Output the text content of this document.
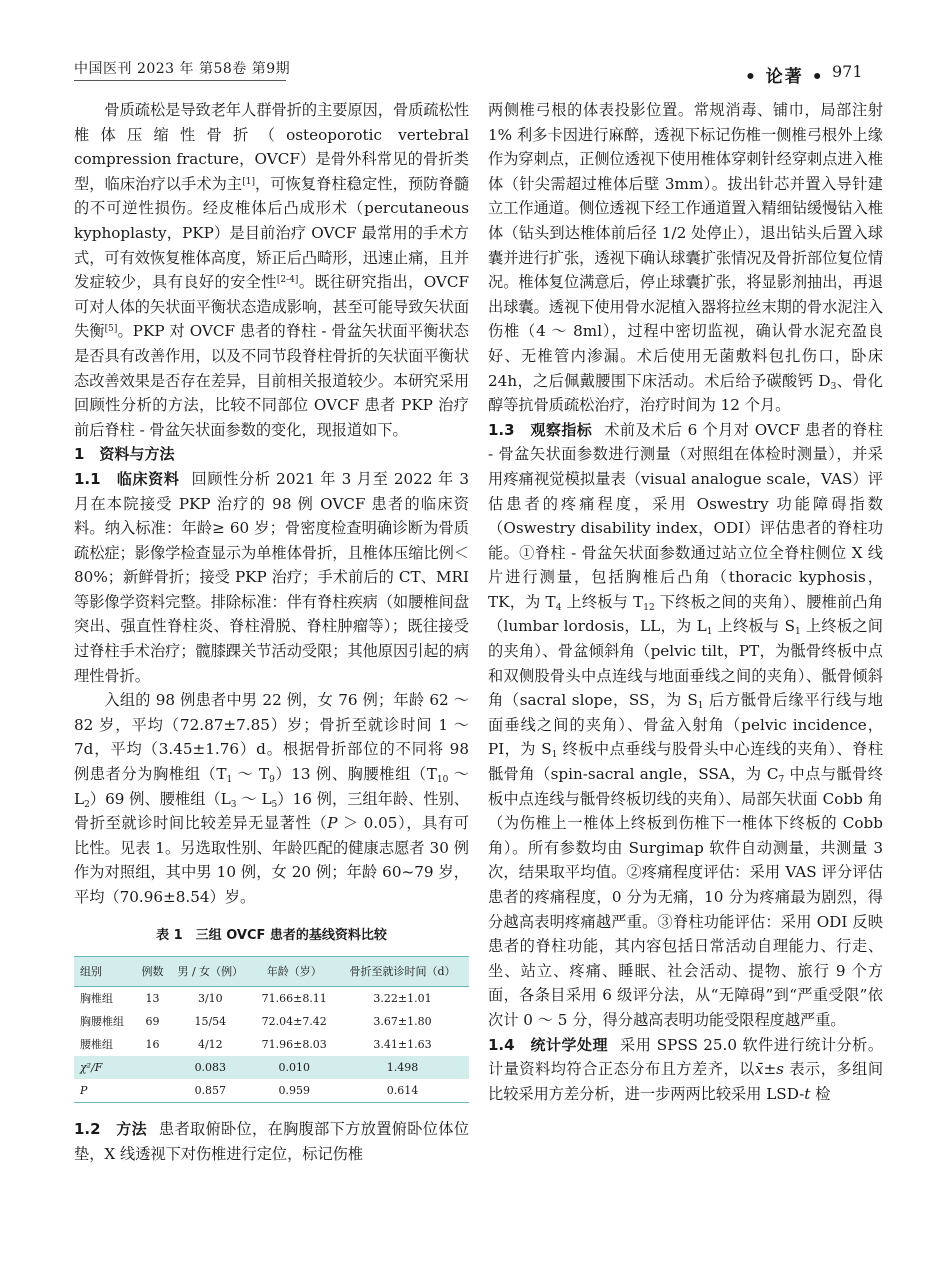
中国医刊 2023 年 第58卷 第9期	• 论著 • 971

骨质疏松是导致老年人群骨折的主要原因，骨质疏松性椎体压缩性骨折（osteoporotic vertebral compression fracture，OVCF）是骨外科常见的骨折类型，临床治疗以手术为主[1]，可恢复脊柱稳定性，预防脊髓的不可逆性损伤。经皮椎体后凸成形术（percutaneous kyphoplasty，PKP）是目前治疗 OVCF 最常用的手术方式，可有效恢复椎体高度，矫正后凸畸形，迅速止痛，且并发症较少，具有良好的安全性[2-4]。既往研究指出，OVCF 可对人体的矢状面平衡状态造成影响，甚至可能导致矢状面失衡[5]。PKP 对 OVCF 患者的脊柱 - 骨盆矢状面平衡状态是否具有改善作用，以及不同节段脊柱骨折的矢状面平衡状态改善效果是否存在差异，目前相关报道较少。本研究采用回顾性分析的方法，比较不同部位 OVCF 患者 PKP 治疗前后脊柱 - 骨盆矢状面参数的变化，现报道如下。

1　资料与方法

1.1　临床资料 回顾性分析 2021 年 3 月至 2022 年 3 月在本院接受 PKP 治疗的 98 例 OVCF 患者的临床资料。纳入标准：年龄≥ 60 岁；骨密度检查明确诊断为骨质疏松症；影像学检查显示为单椎体骨折，且椎体压缩比例＜ 80%；新鲜骨折；接受 PKP 治疗；手术前后的 CT、MRI 等影像学资料完整。排除标准：伴有脊柱疾病（如腰椎间盘突出、强直性脊柱炎、脊柱滑脱、脊柱肿瘤等）；既往接受过脊柱手术治疗；髋膝踝关节活动受限；其他原因引起的病理性骨折。

入组的 98 例患者中男 22 例，女 76 例；年龄 62 ～ 82 岁，平均（72.87±7.85）岁；骨折至就诊时间 1 ～ 7d，平均（3.45±1.76）d。根据骨折部位的不同将 98 例患者分为胸椎组（$T_1$ ～ $T_9)13$ 例、胸腰椎组（$T_{10}$ ～ $L_2)69$ 例、腰椎组（$L_3$ ～ $L_5)16$ 例，三组年龄、性别、骨折至就诊时间比较差异无显著性（P ＞ 0.05），具有可比性。见表 1。另选取性别、年龄匹配的健康志愿者 30 例作为对照组，其中男 10 例，女 20 例；年龄 60~79 岁，平均（70.96±8.54）岁。

表 1　三组 OVCF 患者的基线资料比较
组别	例数	男 / 女（例）	年龄（岁）	骨折至就诊时间（d）
胸椎组	13	3/10	71.66±8.11	3.22±1.01
胸腰椎组	69	15/54	72.04±7.42	3.67±1.80
腰椎组	16	4/12	71.96±8.03	3.41±1.63
χ²/F		0.083	0.010	1.498
P		0.857	0.959	0.614

1.2　方法 患者取俯卧位，在胸腹部下方放置俯卧位体位垫，X 线透视下对伤椎进行定位，标记伤椎

两侧椎弓根的体表投影位置。常规消毒、铺巾，局部注射 1% 利多卡因进行麻醉，透视下标记伤椎一侧椎弓根外上缘作为穿刺点，正侧位透视下使用椎体穿刺针经穿刺点进入椎体（针尖需超过椎体后壁 3mm）。拔出针芯并置入导针建立工作通道。侧位透视下经工作通道置入精细钻缓慢钻入椎体（钻头到达椎体前后径 1/2 处停止），退出钻头后置入球囊并进行扩张，透视下确认球囊扩张情况及骨折部位复位情况。椎体复位满意后，停止球囊扩张，将显影剂抽出，再退出球囊。透视下使用骨水泥植入器将拉丝末期的骨水泥注入伤椎（4 ～ 8ml），过程中密切监视，确认骨水泥充盈良好、无椎管内渗漏。术后使用无菌敷料包扎伤口，卧床 24h，之后佩戴腰围下床活动。术后给予碳酸钙 $D_3$、骨化醇等抗骨质疏松治疗，治疗时间为 12 个月。

1.3　观察指标 术前及术后 6 个月对 OVCF 患者的脊柱 - 骨盆矢状面参数进行测量（对照组在体检时测量），并采用疼痛视觉模拟量表（visual analogue scale，VAS）评估患者的疼痛程度，采用 Oswestry 功能障碍指数（Oswestry disability index，ODI）评估患者的脊柱功能。①脊柱 - 骨盆矢状面参数通过站立位全脊柱侧位 X 线片进行测量，包括胸椎后凸角（thoracic kyphosis，TK，为 $T_4$ 上终板与 $T_{12}$ 下终板之间的夹角）、腰椎前凸角（lumbar lordosis，LL，为 $L_1$ 上终板与 $S_1$ 上终板之间的夹角）、骨盆倾斜角（pelvic tilt，PT，为骶骨终板中点和双侧股骨头中点连线与地面垂线之间的夹角）、骶骨倾斜角（sacral slope，SS，为 $S_1$ 后方骶骨后缘平行线与地面垂线之间的夹角）、骨盆入射角（pelvic incidence，PI，为 $S_1$ 终板中点垂线与股骨头中心连线的夹角）、脊柱骶骨角（spin-sacral angle，SSA，为 $C_7$ 中点与骶骨终板中点连线与骶骨终板切线的夹角）、局部矢状面 Cobb 角（为伤椎上一椎体上终板到伤椎下一椎体下终板的 Cobb 角）。所有参数均由 Surgimap 软件自动测量，共测量 3 次，结果取平均值。②疼痛程度评估：采用 VAS 评分评估患者的疼痛程度，0 分为无痛，10 分为疼痛最为剧烈，得分越高表明疼痛越严重。③脊柱功能评估：采用 ODI 反映患者的脊柱功能，其内容包括日常活动自理能力、行走、坐、站立、疼痛、睡眠、社会活动、提物、旅行 9 个方面，各条目采用 6 级评分法，从“无障碍”到“严重受限”依次计 0 ～ 5 分，得分越高表明功能受限程度越严重。

1.4　统计学处理 采用 SPSS 25.0 软件进行统计分析。计量资料均符合正态分布且方差齐，以x̄±s 表示，多组间比较采用方差分析，进一步两两比较采用 LSD-t 检
